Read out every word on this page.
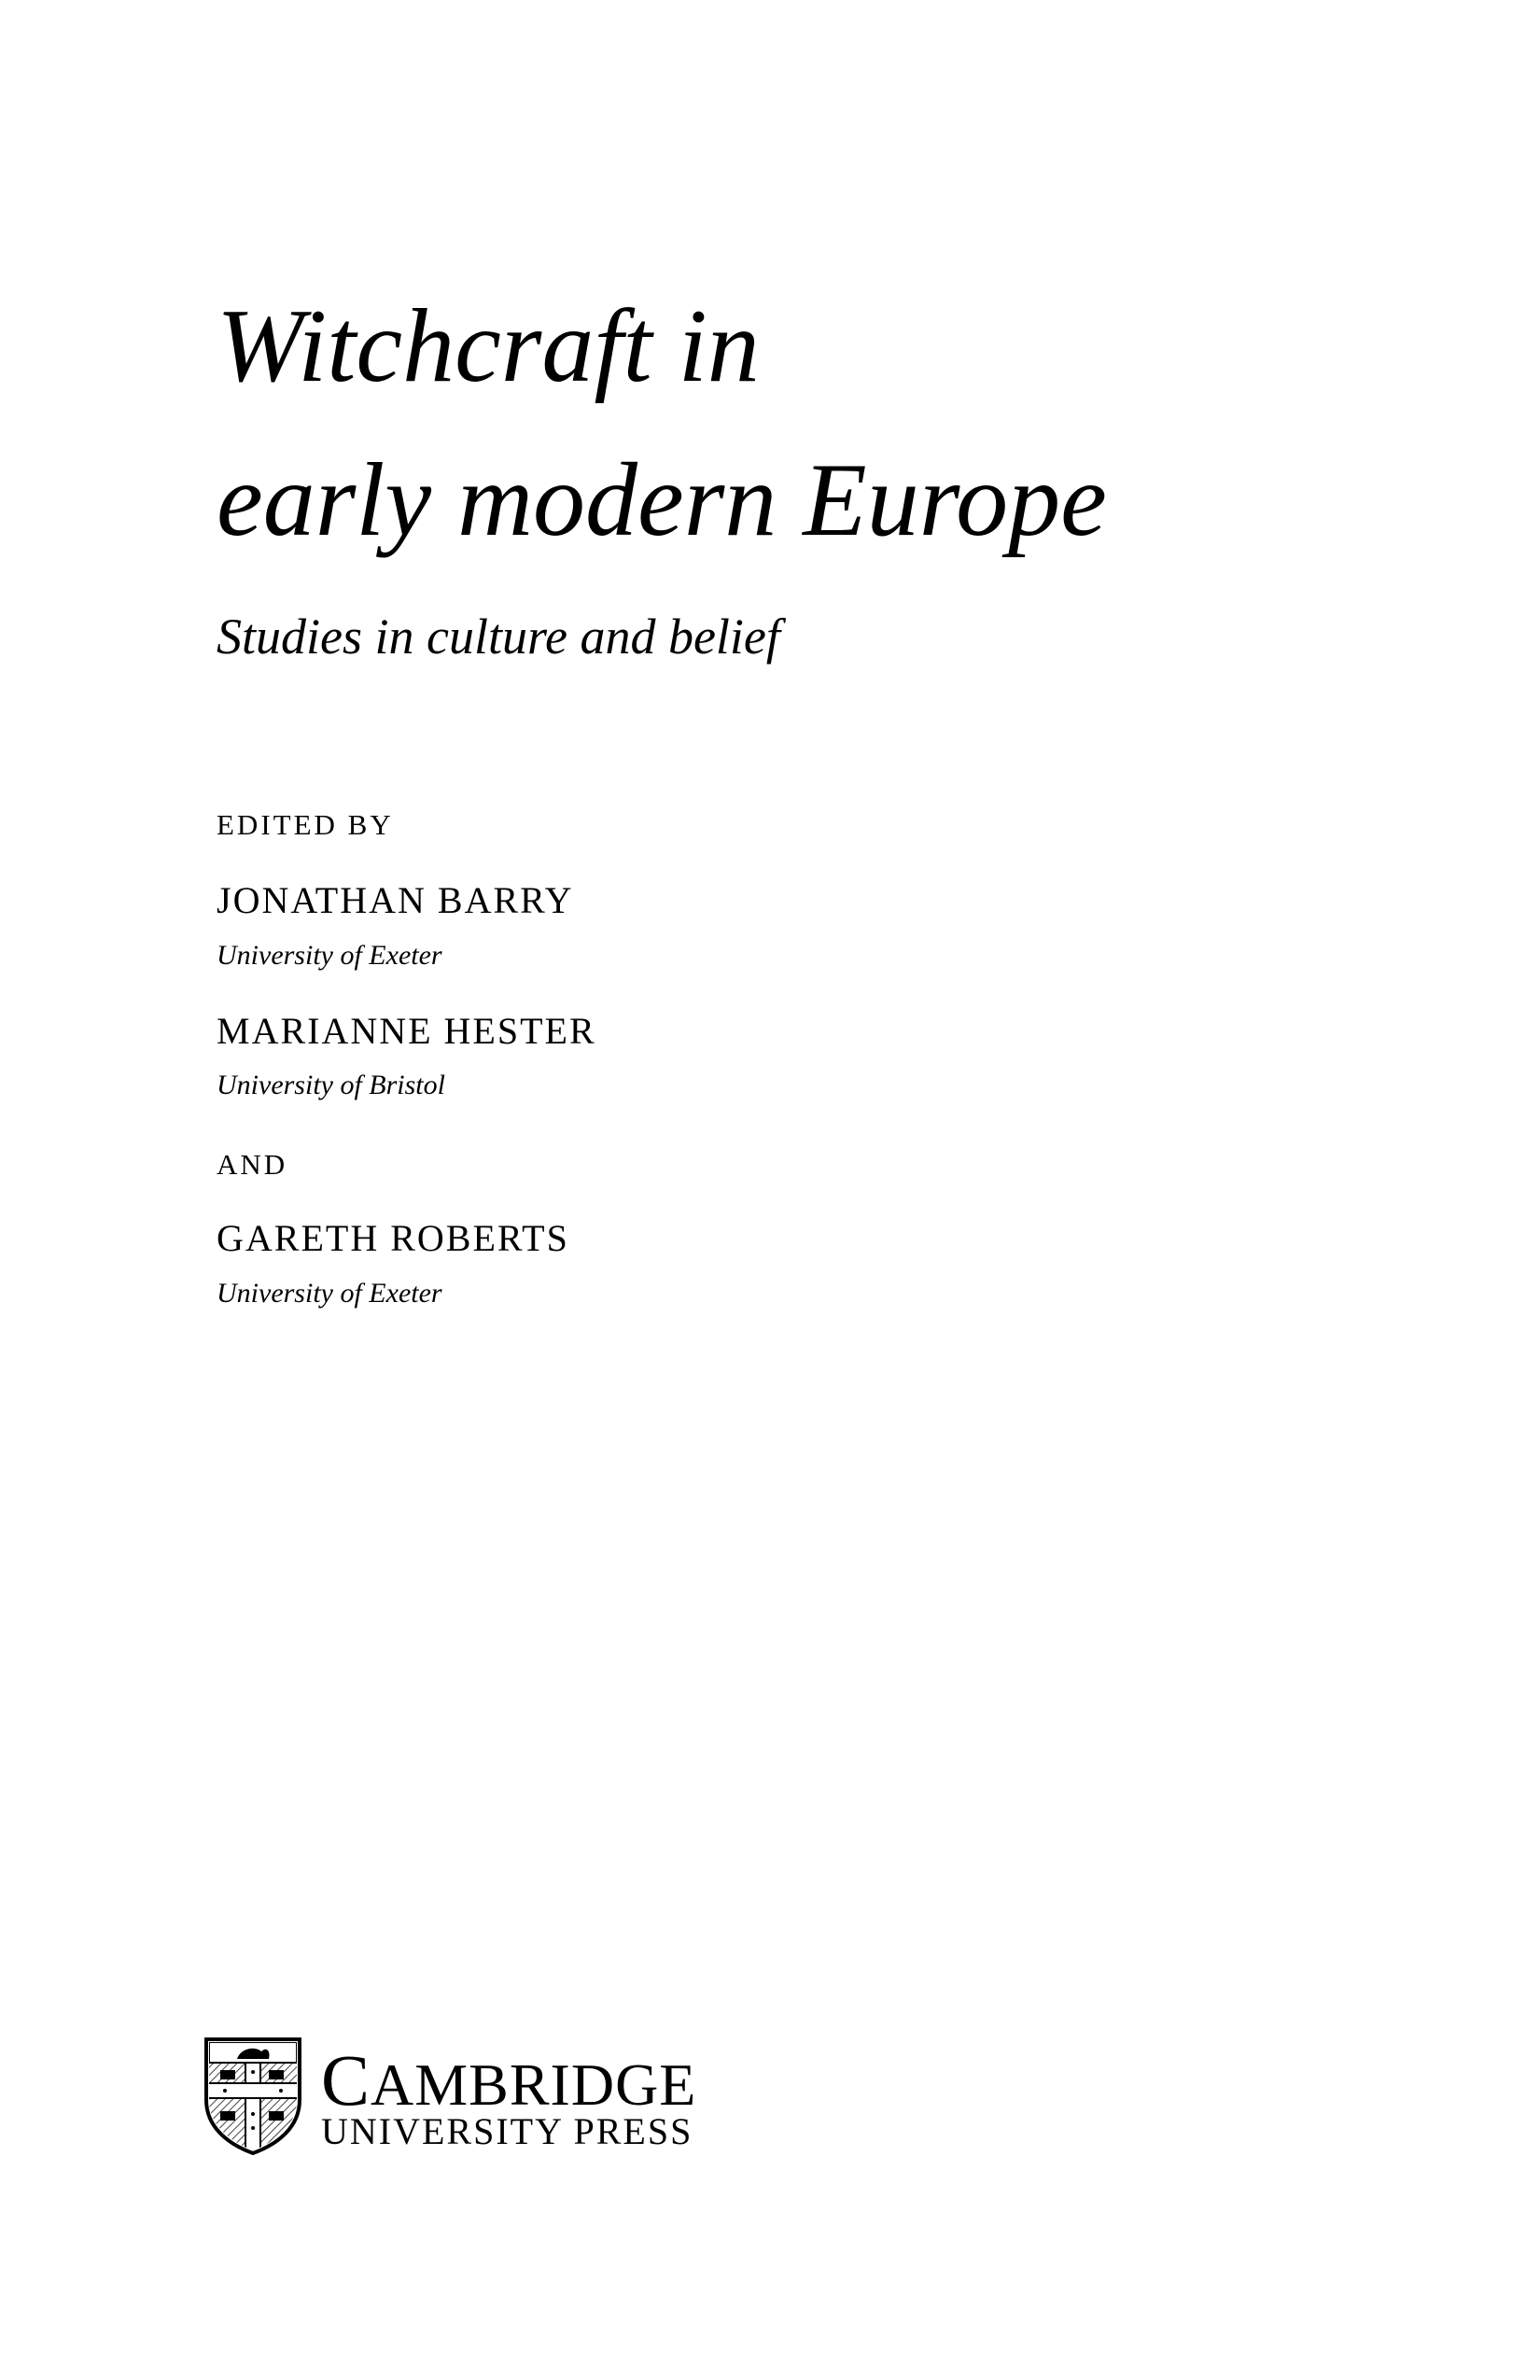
Witchcraft in
early modern Europe
Studies in culture and belief
EDITED BY
JONATHAN BARRY
University of Exeter
MARIANNE HESTER
University of Bristol
AND
GARETH ROBERTS
University of Exeter
CAMBRIDGE
UNIVERSITY PRESS
